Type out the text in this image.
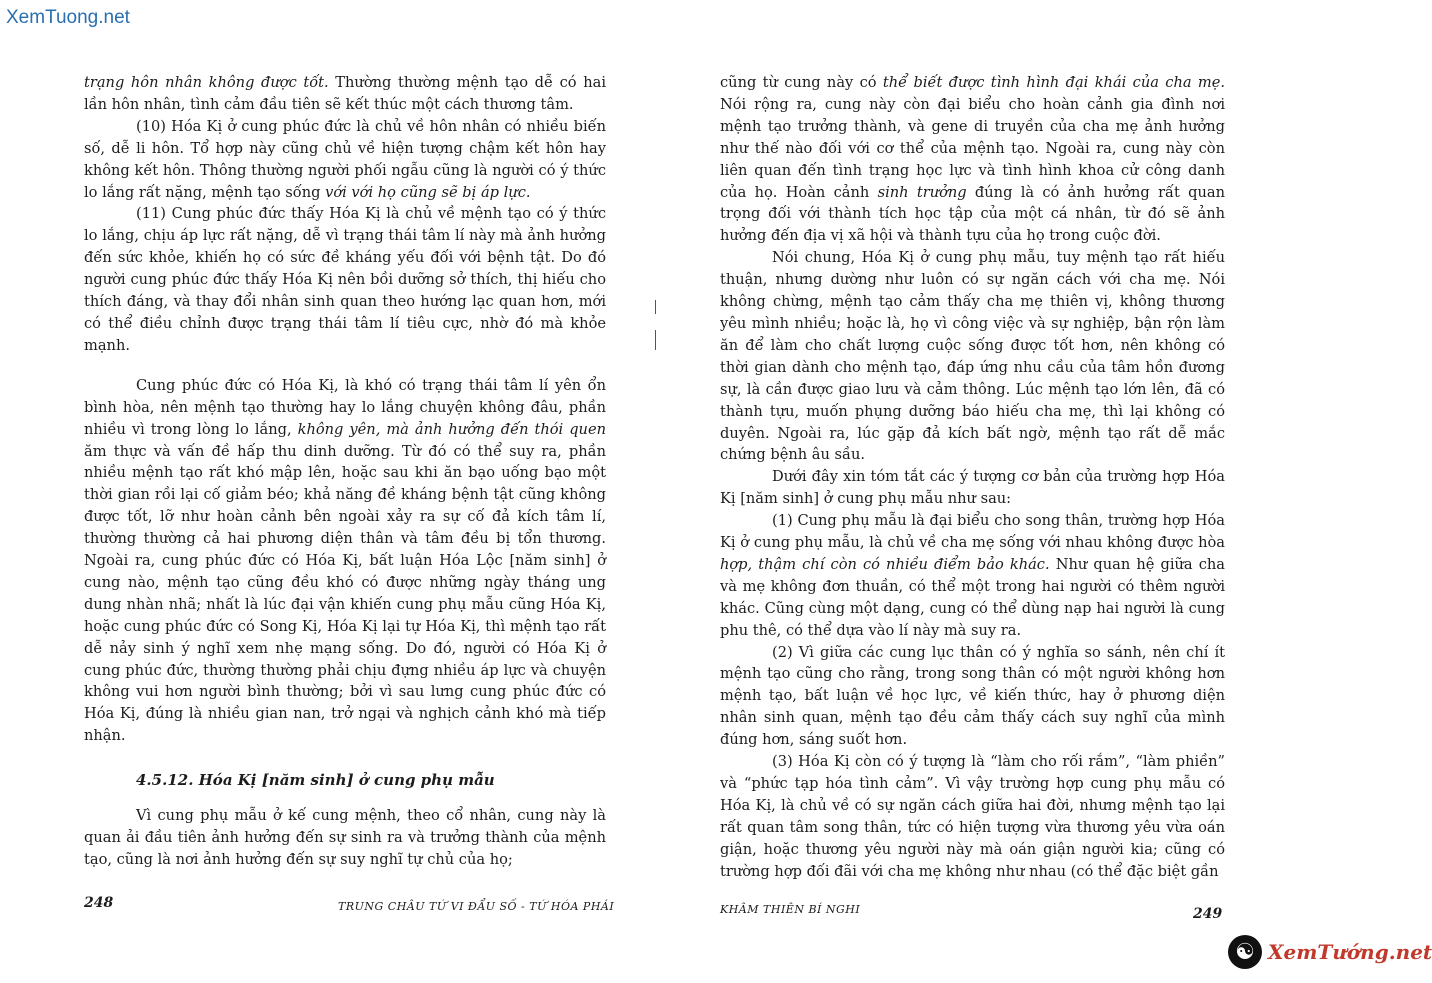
XemTuong.net

trạng hôn nhân không được tốt. Thường thường mệnh tạo dễ có hai lần hôn nhân, tình cảm đầu tiên sẽ kết thúc một cách thương tâm.

(10) Hóa Kị ở cung phúc đức là chủ về hôn nhân có nhiều biến số, dễ li hôn. Tổ hợp này cũng chủ về hiện tượng chậm kết hôn hay không kết hôn. Thông thường người phối ngẫu cũng là người có ý thức lo lắng rất nặng, mệnh tạo sống với với họ cũng sẽ bị áp lực.

(11) Cung phúc đức thấy Hóa Kị là chủ về mệnh tạo có ý thức lo lắng, chịu áp lực rất nặng, dễ vì trạng thái tâm lí này mà ảnh hưởng đến sức khỏe, khiến họ có sức đề kháng yếu đối với bệnh tật. Do đó người cung phúc đức thấy Hóa Kị nên bồi dưỡng sở thích, thị hiếu cho thích đáng, và thay đổi nhân sinh quan theo hướng lạc quan hơn, mới có thể điều chỉnh được trạng thái tâm lí tiêu cực, nhờ đó mà khỏe mạnh.

Cung phúc đức có Hóa Kị, là khó có trạng thái tâm lí yên ổn bình hòa, nên mệnh tạo thường hay lo lắng chuyện không đâu, phần nhiều vì trong lòng lo lắng, không yên, mà ảnh hưởng đến thói quen ăm thực và vấn đề hấp thu dinh dưỡng. Từ đó có thể suy ra, phần nhiều mệnh tạo rất khó mập lên, hoặc sau khi ăn bạo uống bạo một thời gian rồi lại cố giảm béo; khả năng đề kháng bệnh tật cũng không được tốt, lỡ như hoàn cảnh bên ngoài xảy ra sự cố đả kích tâm lí, thường thường cả hai phương diện thân và tâm đều bị tổn thương. Ngoài ra, cung phúc đức có Hóa Kị, bất luận Hóa Lộc [năm sinh] ở cung nào, mệnh tạo cũng đều khó có được những ngày tháng ung dung nhàn nhã; nhất là lúc đại vận khiến cung phụ mẫu cũng Hóa Kị, hoặc cung phúc đức có Song Kị, Hóa Kị lại tự Hóa Kị, thì mệnh tạo rất dễ nảy sinh ý nghĩ xem nhẹ mạng sống. Do đó, người có Hóa Kị ở cung phúc đức, thường thường phải chịu đựng nhiều áp lực và chuyện không vui hơn người bình thường; bởi vì sau lưng cung phúc đức có Hóa Kị, đúng là nhiều gian nan, trở ngại và nghịch cảnh khó mà tiếp nhận.

4.5.12. Hóa Kị [năm sinh] ở cung phụ mẫu

Vì cung phụ mẫu ở kế cung mệnh, theo cổ nhân, cung này là quan ải đầu tiên ảnh hưởng đến sự sinh ra và trưởng thành của mệnh tạo, cũng là nơi ảnh hưởng đến sự suy nghĩ tự chủ của họ;

248	TRUNG CHÂU TỨ VI ĐẨU SỐ - TỨ HÓA PHÁI

cũng từ cung này có thể biết được tình hình đại khái của cha mẹ. Nói rộng ra, cung này còn đại biểu cho hoàn cảnh gia đình nơi mệnh tạo trưởng thành, và gene di truyền của cha mẹ ảnh hưởng như thế nào đối với cơ thể của mệnh tạo. Ngoài ra, cung này còn liên quan đến tình trạng học lực và tình hình khoa cử công danh của họ. Hoàn cảnh sinh trưởng đúng là có ảnh hưởng rất quan trọng đối với thành tích học tập của một cá nhân, từ đó sẽ ảnh hưởng đến địa vị xã hội và thành tựu của họ trong cuộc đời.

Nói chung, Hóa Kị ở cung phụ mẫu, tuy mệnh tạo rất hiếu thuận, nhưng dường như luôn có sự ngăn cách với cha mẹ. Nói không chừng, mệnh tạo cảm thấy cha mẹ thiên vị, không thương yêu mình nhiều; hoặc là, họ vì công việc và sự nghiệp, bận rộn làm ăn để làm cho chất lượng cuộc sống được tốt hơn, nên không có thời gian dành cho mệnh tạo, đáp ứng nhu cầu của tâm hồn đương sự, là cần được giao lưu và cảm thông. Lúc mệnh tạo lớn lên, đã có thành tựu, muốn phụng dưỡng báo hiếu cha mẹ, thì lại không có duyên. Ngoài ra, lúc gặp đả kích bất ngờ, mệnh tạo rất dễ mắc chứng bệnh âu sầu.

Dưới đây xin tóm tắt các ý tượng cơ bản của trường hợp Hóa Kị [năm sinh] ở cung phụ mẫu như sau:

(1) Cung phụ mẫu là đại biểu cho song thân, trường hợp Hóa Kị ở cung phụ mẫu, là chủ về cha mẹ sống với nhau không được hòa hợp, thậm chí còn có nhiều điểm bảo khác. Như quan hệ giữa cha và mẹ không đơn thuần, có thể một trong hai người có thêm người khác. Cũng cùng một dạng, cung có thể dùng nạp hai người là cung phu thê, có thể dựa vào lí này mà suy ra.

(2) Vì giữa các cung lục thân có ý nghĩa so sánh, nên chí ít mệnh tạo cũng cho rằng, trong song thân có một người không hơn mệnh tạo, bất luận về học lực, về kiến thức, hay ở phương diện nhân sinh quan, mệnh tạo đều cảm thấy cách suy nghĩ của mình đúng hơn, sáng suốt hơn.

(3) Hóa Kị còn có ý tượng là “làm cho rối rắm”, “làm phiền” và “phức tạp hóa tình cảm”. Vì vậy trường hợp cung phụ mẫu có Hóa Kị, là chủ về có sự ngăn cách giữa hai đời, nhưng mệnh tạo lại rất quan tâm song thân, tức có hiện tượng vừa thương yêu vừa oán giận, hoặc thương yêu người này mà oán giận người kia; cũng có trường hợp đối đãi với cha mẹ không như nhau (có thể đặc biệt gần

KHÂM THIÊN BÍ NGHI	249
☯ XemTướng.net
